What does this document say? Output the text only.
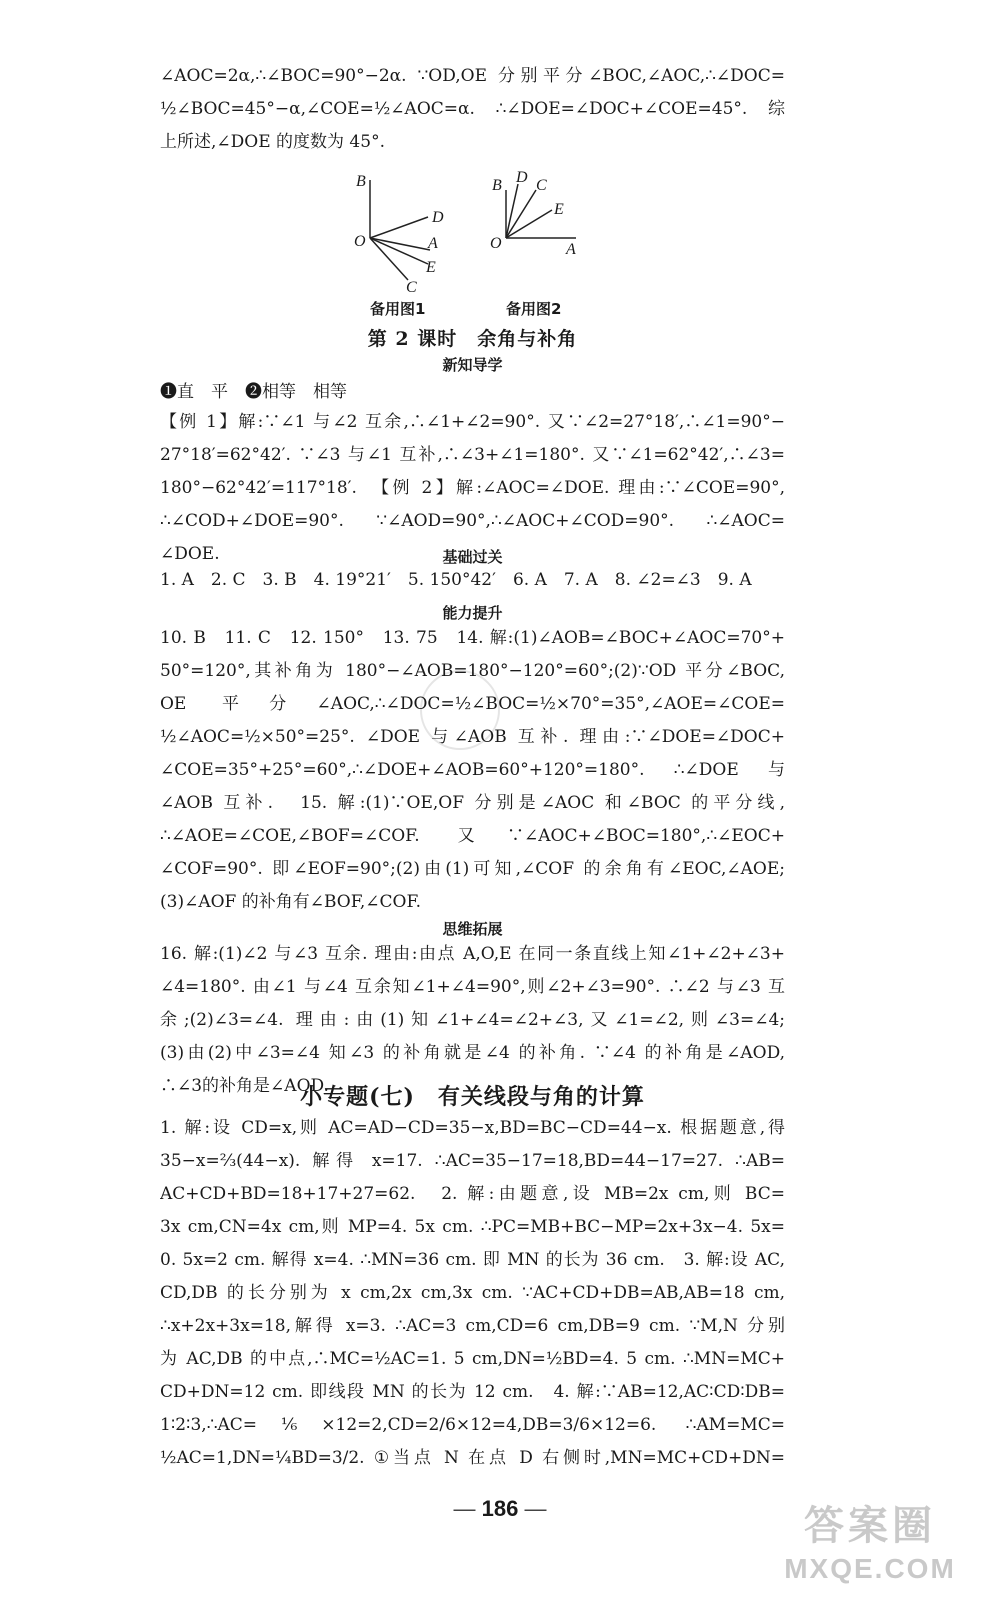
∠AOC=2α,∴∠BOC=90°−2α. ∵OD,OE 分别平分∠BOC,∠AOC,∴∠DOC=
½∠BOC=45°−α,∠COE=½∠AOC=α. ∴∠DOE=∠DOC+∠COE=45°. 综
上所述,∠DOE 的度数为 45°.
B
D
O	A
E
C
备用图1
B D C
E
O	A
备用图2
第 2 课时　余角与补角
新知导学
❶直　平　❷相等　相等
【例 1】解:∵∠1 与∠2 互余,∴∠1+∠2=90°. 又∵∠2=27°18′,∴∠1=90°−
27°18′=62°42′. ∵∠3 与∠1 互补,∴∠3+∠1=180°. 又∵∠1=62°42′,∴∠3=
180°−62°42′=117°18′.　【例 2】解:∠AOC=∠DOE. 理由:∵∠COE=90°,
∴∠COD+∠DOE=90°. ∵∠AOD=90°,∴∠AOC+∠COD=90°. ∴∠AOC=
∠DOE.	基础过关
1. A　2. C　3. B　4. 19°21′　5. 150°42′　6. A　7. A　8. ∠2=∠3　9. A
能力提升
10. B　11. C　12. 150°　13. 75　14. 解:(1)∠AOB=∠BOC+∠AOC=70°+
50°=120°,其补角为 180°−∠AOB=180°−120°=60°;(2)∵OD 平分∠BOC,
OE 平分∠AOC,∴∠DOC=½∠BOC=½×70°=35°,∠AOE=∠COE=
½∠AOC=½×50°=25°. ∠DOE 与∠AOB 互补. 理由:∵∠DOE=∠DOC+
∠COE=35°+25°=60°,∴∠DOE+∠AOB=60°+120°=180°. ∴∠DOE 与
∠AOB 互补.　15. 解:(1)∵OE,OF 分别是∠AOC 和∠BOC 的平分线,
∴∠AOE=∠COE,∠BOF=∠COF. 又∵∠AOC+∠BOC=180°,∴∠EOC+
∠COF=90°. 即∠EOF=90°;(2)由(1)可知,∠COF 的余角有∠EOC,∠AOE;
(3)∠AOF 的补角有∠BOF,∠COF.
思维拓展
16. 解:(1)∠2 与∠3 互余. 理由:由点 A,O,E 在同一条直线上知∠1+∠2+∠3+
∠4=180°. 由∠1 与∠4 互余知∠1+∠4=90°,则∠2+∠3=90°. ∴∠2 与∠3 互
余;(2)∠3=∠4. 理由:由(1)知∠1+∠4=∠2+∠3,又∠1=∠2,则∠3=∠4;
(3)由(2)中∠3=∠4 知∠3 的补角就是∠4 的补角. ∵∠4 的补角是∠AOD,
∴∠3的补角是∠AOD.
小专题(七)　有关线段与角的计算
1. 解:设 CD=x,则 AC=AD−CD=35−x,BD=BC−CD=44−x. 根据题意,得
35−x=⅔(44−x). 解得 x=17. ∴AC=35−17=18,BD=44−17=27. ∴AB=
AC+CD+BD=18+17+27=62.　2. 解:由题意,设 MB=2x cm,则 BC=
3x cm,CN=4x cm,则 MP=4. 5x cm. ∴PC=MB+BC−MP=2x+3x−4. 5x=
0. 5x=2 cm. 解得 x=4. ∴MN=36 cm. 即 MN 的长为 36 cm.　3. 解:设 AC,
CD,DB 的长分别为 x cm,2x cm,3x cm. ∵AC+CD+DB=AB,AB=18 cm,
∴x+2x+3x=18,解得 x=3. ∴AC=3 cm,CD=6 cm,DB=9 cm. ∵M,N 分别
为 AC,DB 的中点,∴MC=½AC=1. 5 cm,DN=½BD=4. 5 cm. ∴MN=MC+
CD+DN=12 cm. 即线段 MN 的长为 12 cm.　4. 解:∵AB=12,AC∶CD∶DB=
1∶2∶3,∴AC=⅙×12=2,CD=2/6×12=4,DB=3/6×12=6. ∴AM=MC=
½AC=1,DN=¼BD=3/2. ①当点 N 在点 D 右侧时,MN=MC+CD+DN=
— 186 —	答案圈
MXQE.COM
